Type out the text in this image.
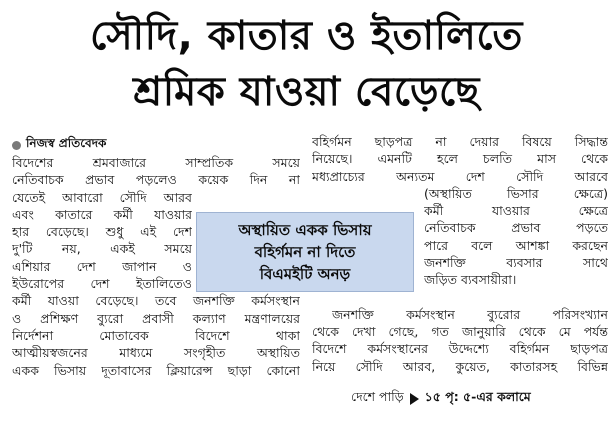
সৌদি, কাতার ও ইতালিতে
শ্রমিক যাওয়া বেড়েছে
নিজস্ব প্রতিবেদক
বিদেশের শ্রমবাজারে সাম্প্রতিক সময়ে
নেতিবাচক প্রভাব পড়লেও কয়েক দিন না
যেতেই আবারো সৌদি আরব
এবং কাতারে কর্মী যাওয়ার
হার বেড়েছে। শুধু এই দেশ
দু'টি নয়, একই সময়ে
এশিয়ার দেশ জাপান ও
ইউরোপের দেশ ইতালিতেও
কর্মী যাওয়া বেড়েছে। তবে জনশক্তি কর্মসংস্থান
ও প্রশিক্ষণ ব্যুরো প্রবাসী কল্যাণ মন্ত্রণালয়ের
নির্দেশনা মোতাবেক বিদেশে থাকা
আত্মীয়স্বজনের মাধ্যমে সংগৃহীত অস্থায়িত
একক ভিসায় দূতাবাসের ক্লিয়ারেন্স ছাড়া কোনো
বহির্গমন ছাড়পত্র না দেয়ার বিষয়ে সিদ্ধান্ত
নিয়েছে। এমনটি হলে চলতি মাস থেকে
মধ্যপ্রাচ্যের অন্যতম দেশ সৌদি আরবে
(অস্থায়িত ভিসার ক্ষেত্রে)
কর্মী যাওয়ার ক্ষেত্রে
নেতিবাচক প্রভাব পড়তে
পারে বলে আশঙ্কা করছেন
জনশক্তি ব্যবসার সাথে
জড়িত ব্যবসায়ীরা।
জনশক্তি কর্মসংস্থান ব্যুরোর পরিসংখ্যান
থেকে দেখা গেছে, গত জানুয়ারি থেকে মে পর্যন্ত
বিদেশে কর্মসংস্থানের উদ্দেশ্যে বহির্গমন ছাড়পত্র
নিয়ে সৌদি আরব, কুয়েত, কাতারসহ বিভিন্ন
দেশে পাড়ি ১৫ পৃ: ৫-এর কলামে
অস্থায়িত একক ভিসায়
বহির্গমন না দিতে
বিএমইটি অনড়
